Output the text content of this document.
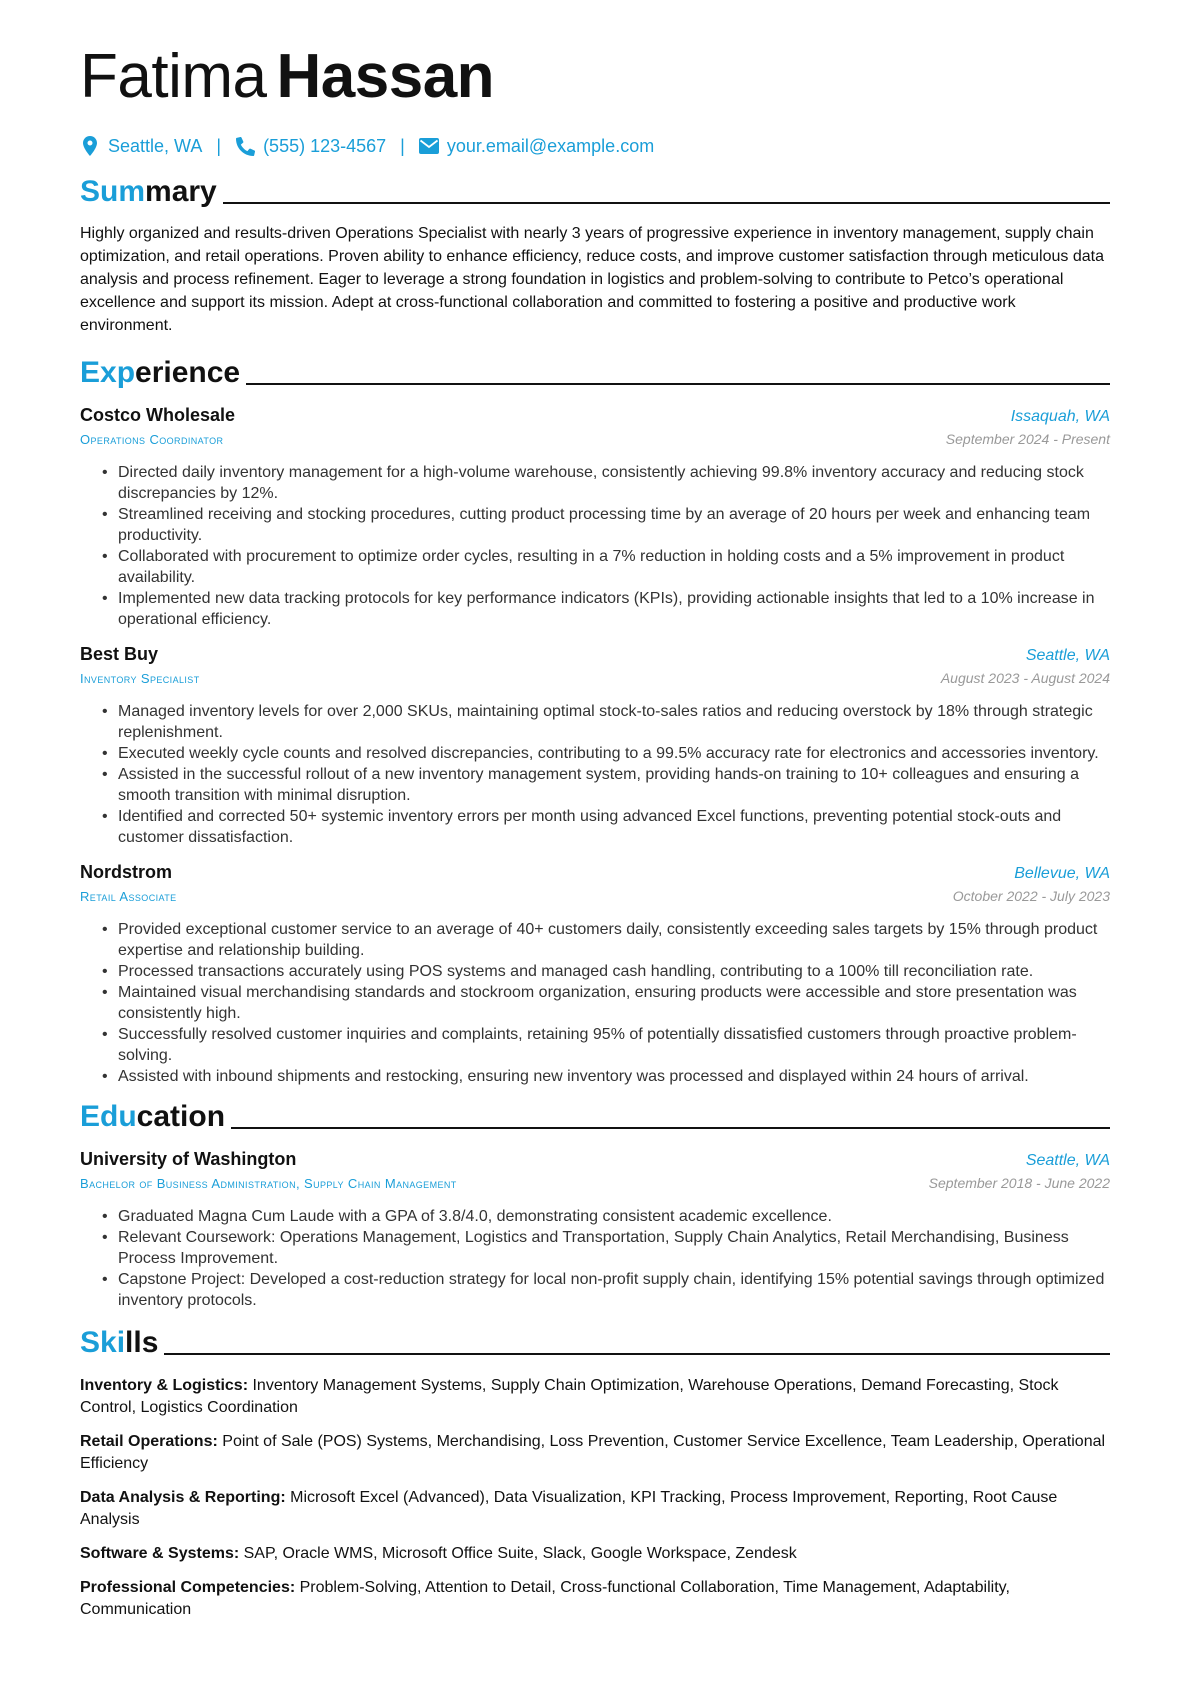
Fatima Hassan
Seattle, WA | (555) 123-4567 | your.email@example.com
Summary

Highly organized and results-driven Operations Specialist with nearly 3 years of progressive experience in inventory management, supply chain optimization, and retail operations. Proven ability to enhance efficiency, reduce costs, and improve customer satisfaction through meticulous data analysis and process refinement. Eager to leverage a strong foundation in logistics and problem-solving to contribute to Petco’s operational excellence and support its mission. Adept at cross-functional collaboration and committed to fostering a positive and productive work environment.

Experience
Costco Wholesale	Issaquah, WA
Operations Coordinator	September 2024 - Present
• Directed daily inventory management for a high-volume warehouse, consistently achieving 99.8% inventory accuracy and reducing stock discrepancies by 12%.
• Streamlined receiving and stocking procedures, cutting product processing time by an average of 20 hours per week and enhancing team productivity.
• Collaborated with procurement to optimize order cycles, resulting in a 7% reduction in holding costs and a 5% improvement in product availability.
• Implemented new data tracking protocols for key performance indicators (KPIs), providing actionable insights that led to a 10% increase in operational efficiency.
Best Buy	Seattle, WA
Inventory Specialist	August 2023 - August 2024
• Managed inventory levels for over 2,000 SKUs, maintaining optimal stock-to-sales ratios and reducing overstock by 18% through strategic replenishment.
• Executed weekly cycle counts and resolved discrepancies, contributing to a 99.5% accuracy rate for electronics and accessories inventory.
• Assisted in the successful rollout of a new inventory management system, providing hands-on training to 10+ colleagues and ensuring a smooth transition with minimal disruption.
• Identified and corrected 50+ systemic inventory errors per month using advanced Excel functions, preventing potential stock-outs and customer dissatisfaction.
Nordstrom	Bellevue, WA
Retail Associate	October 2022 - July 2023
• Provided exceptional customer service to an average of 40+ customers daily, consistently exceeding sales targets by 15% through product expertise and relationship building.
• Processed transactions accurately using POS systems and managed cash handling, contributing to a 100% till reconciliation rate.
• Maintained visual merchandising standards and stockroom organization, ensuring products were accessible and store presentation was consistently high.
• Successfully resolved customer inquiries and complaints, retaining 95% of potentially dissatisfied customers through proactive problem-solving.
• Assisted with inbound shipments and restocking, ensuring new inventory was processed and displayed within 24 hours of arrival.
Education
University of Washington	Seattle, WA
Bachelor of Business Administration, Supply Chain Management	September 2018 - June 2022
• Graduated Magna Cum Laude with a GPA of 3.8/4.0, demonstrating consistent academic excellence.
• Relevant Coursework: Operations Management, Logistics and Transportation, Supply Chain Analytics, Retail Merchandising, Business Process Improvement.
• Capstone Project: Developed a cost-reduction strategy for local non-profit supply chain, identifying 15% potential savings through optimized inventory protocols.
Skills

Inventory & Logistics: Inventory Management Systems, Supply Chain Optimization, Warehouse Operations, Demand Forecasting, Stock Control, Logistics Coordination

Retail Operations: Point of Sale (POS) Systems, Merchandising, Loss Prevention, Customer Service Excellence, Team Leadership, Operational Efficiency

Data Analysis & Reporting: Microsoft Excel (Advanced), Data Visualization, KPI Tracking, Process Improvement, Reporting, Root Cause Analysis

Software & Systems: SAP, Oracle WMS, Microsoft Office Suite, Slack, Google Workspace, Zendesk

Professional Competencies: Problem-Solving, Attention to Detail, Cross-functional Collaboration, Time Management, Adaptability, Communication
